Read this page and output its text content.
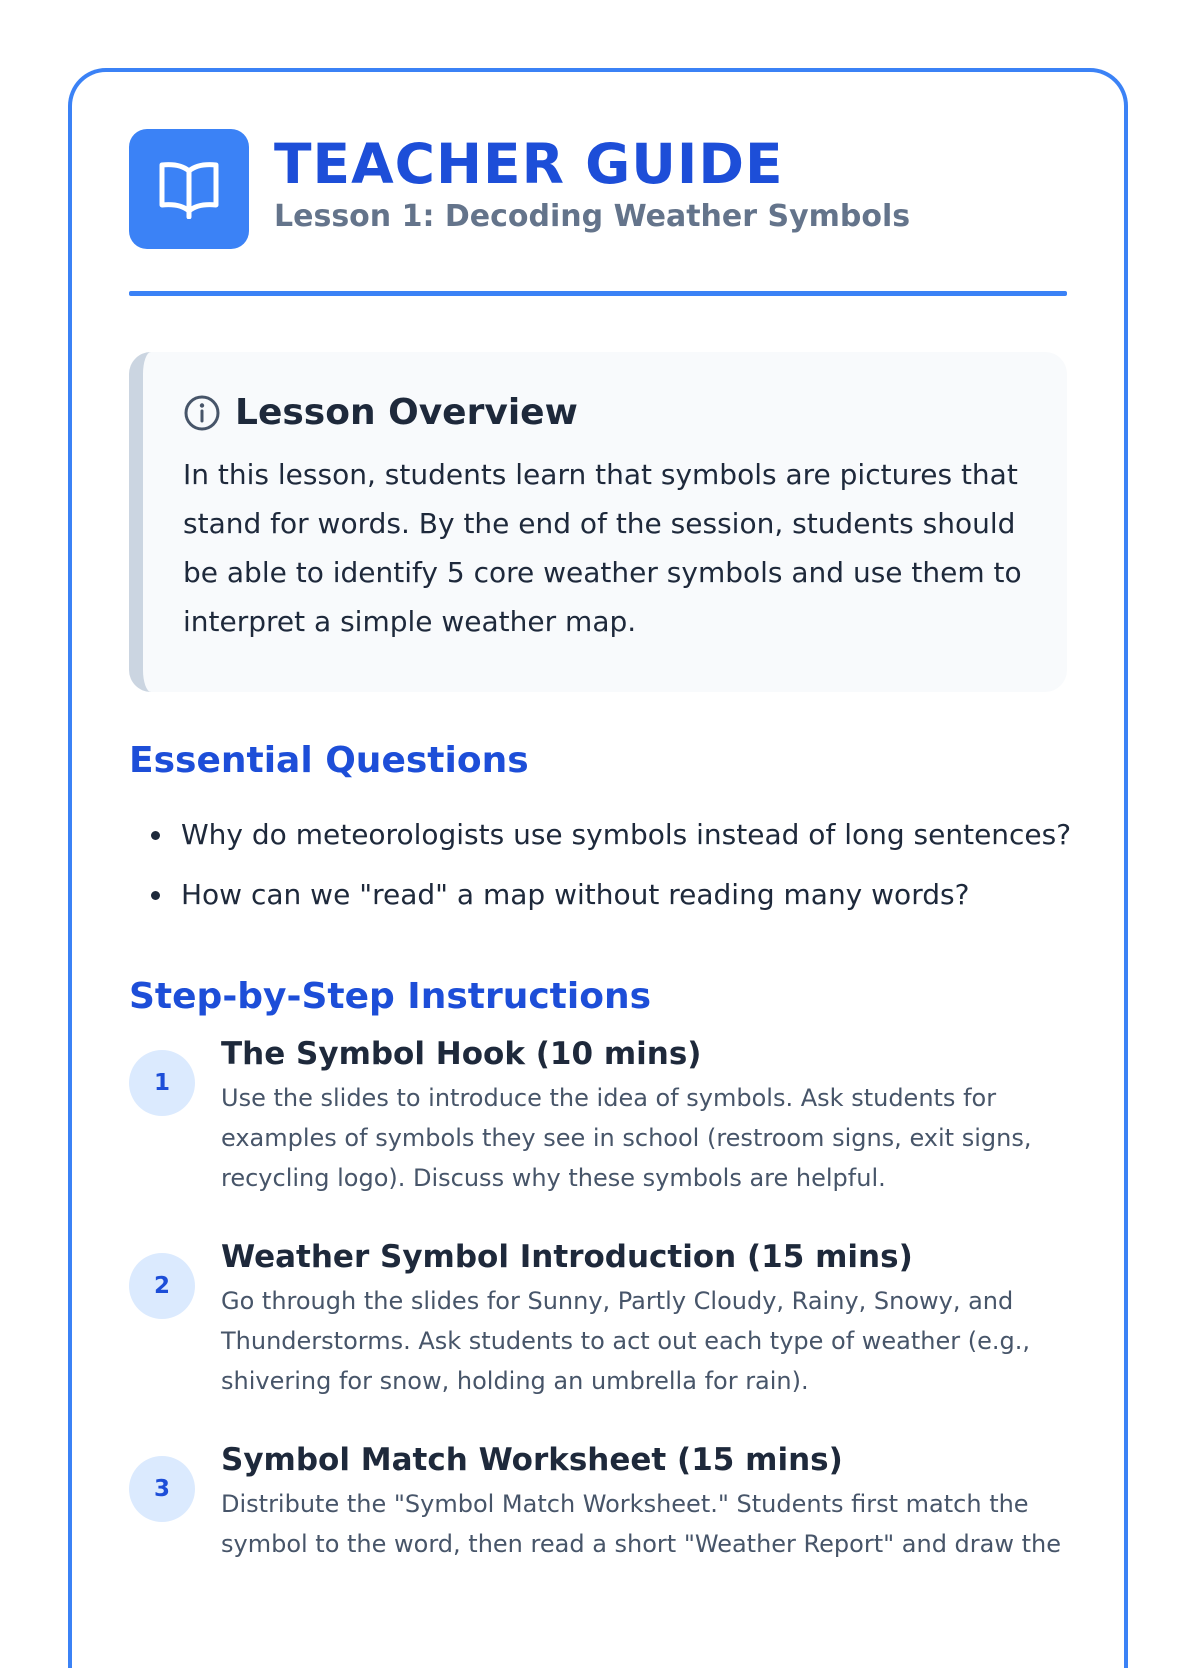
TEACHER GUIDE
Lesson 1: Decoding Weather Symbols
Lesson Overview
In this lesson, students learn that symbols are pictures that stand for words. By the end of the session, students should be able to identify 5 core weather symbols and use them to interpret a simple weather map.
Essential Questions
Why do meteorologists use symbols instead of long sentences?
How can we "read" a map without reading many words?
Step-by-Step Instructions
1
The Symbol Hook (10 mins)
Use the slides to introduce the idea of symbols. Ask students for examples of symbols they see in school (restroom signs, exit signs, recycling logo). Discuss why these symbols are helpful.
2
Weather Symbol Introduction (15 mins)
Go through the slides for Sunny, Partly Cloudy, Rainy, Snowy, and Thunderstorms. Ask students to act out each type of weather (e.g., shivering for snow, holding an umbrella for rain).
3
Symbol Match Worksheet (15 mins)
Distribute the "Symbol Match Worksheet." Students first match the symbol to the word, then read a short "Weather Report" and draw the
